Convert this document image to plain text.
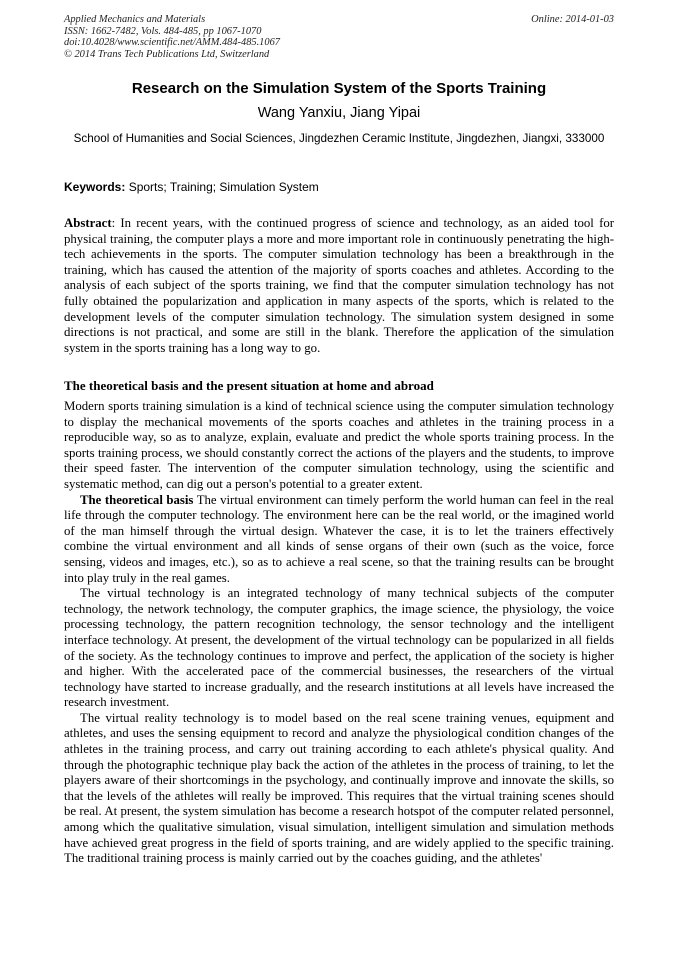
Applied Mechanics and Materials
ISSN: 1662-7482, Vols. 484-485, pp 1067-1070
doi:10.4028/www.scientific.net/AMM.484-485.1067
© 2014 Trans Tech Publications Ltd, Switzerland
Online: 2014-01-03
Research on the Simulation System of the Sports Training
Wang Yanxiu, Jiang Yipai
School of Humanities and Social Sciences, Jingdezhen Ceramic Institute, Jingdezhen, Jiangxi, 333000
Keywords: Sports; Training; Simulation System

Abstract: In recent years, with the continued progress of science and technology, as an aided tool for physical training, the computer plays a more and more important role in continuously penetrating the high-tech achievements in the sports. The computer simulation technology has been a breakthrough in the training, which has caused the attention of the majority of sports coaches and athletes. According to the analysis of each subject of the sports training, we find that the computer simulation technology has not fully obtained the popularization and application in many aspects of the sports, which is related to the development levels of the computer simulation technology. The simulation system designed in some directions is not practical, and some are still in the blank. Therefore the application of the simulation system in the sports training has a long way to go.

The theoretical basis and the present situation at home and abroad

Modern sports training simulation is a kind of technical science using the computer simulation technology to display the mechanical movements of the sports coaches and athletes in the training process in a reproducible way, so as to analyze, explain, evaluate and predict the whole sports training process. In the sports training process, we should constantly correct the actions of the players and the students, to improve their speed faster. The intervention of the computer simulation technology, using the scientific and systematic method, can dig out a person's potential to a greater extent.

The theoretical basis The virtual environment can timely perform the world human can feel in the real life through the computer technology. The environment here can be the real world, or the imagined world of the man himself through the virtual design. Whatever the case, it is to let the trainers effectively combine the virtual environment and all kinds of sense organs of their own (such as the voice, force sensing, videos and images, etc.), so as to achieve a real scene, so that the training results can be brought into play truly in the real games.

The virtual technology is an integrated technology of many technical subjects of the computer technology, the network technology, the computer graphics, the image science, the physiology, the voice processing technology, the pattern recognition technology, the sensor technology and the intelligent interface technology. At present, the development of the virtual technology can be popularized in all fields of the society. As the technology continues to improve and perfect, the application of the society is higher and higher. With the accelerated pace of the commercial businesses, the researchers of the virtual technology have started to increase gradually, and the research institutions at all levels have increased the research investment.

The virtual reality technology is to model based on the real scene training venues, equipment and athletes, and uses the sensing equipment to record and analyze the physiological condition changes of the athletes in the training process, and carry out training according to each athlete's physical quality. And through the photographic technique play back the action of the athletes in the process of training, to let the players aware of their shortcomings in the psychology, and continually improve and innovate the skills, so that the levels of the athletes will really be improved. This requires that the virtual training scenes should be real. At present, the system simulation has become a research hotspot of the computer related personnel, among which the qualitative simulation, visual simulation, intelligent simulation and simulation methods have achieved great progress in the field of sports training, and are widely applied to the specific training. The traditional training process is mainly carried out by the coaches guiding, and the athletes'
